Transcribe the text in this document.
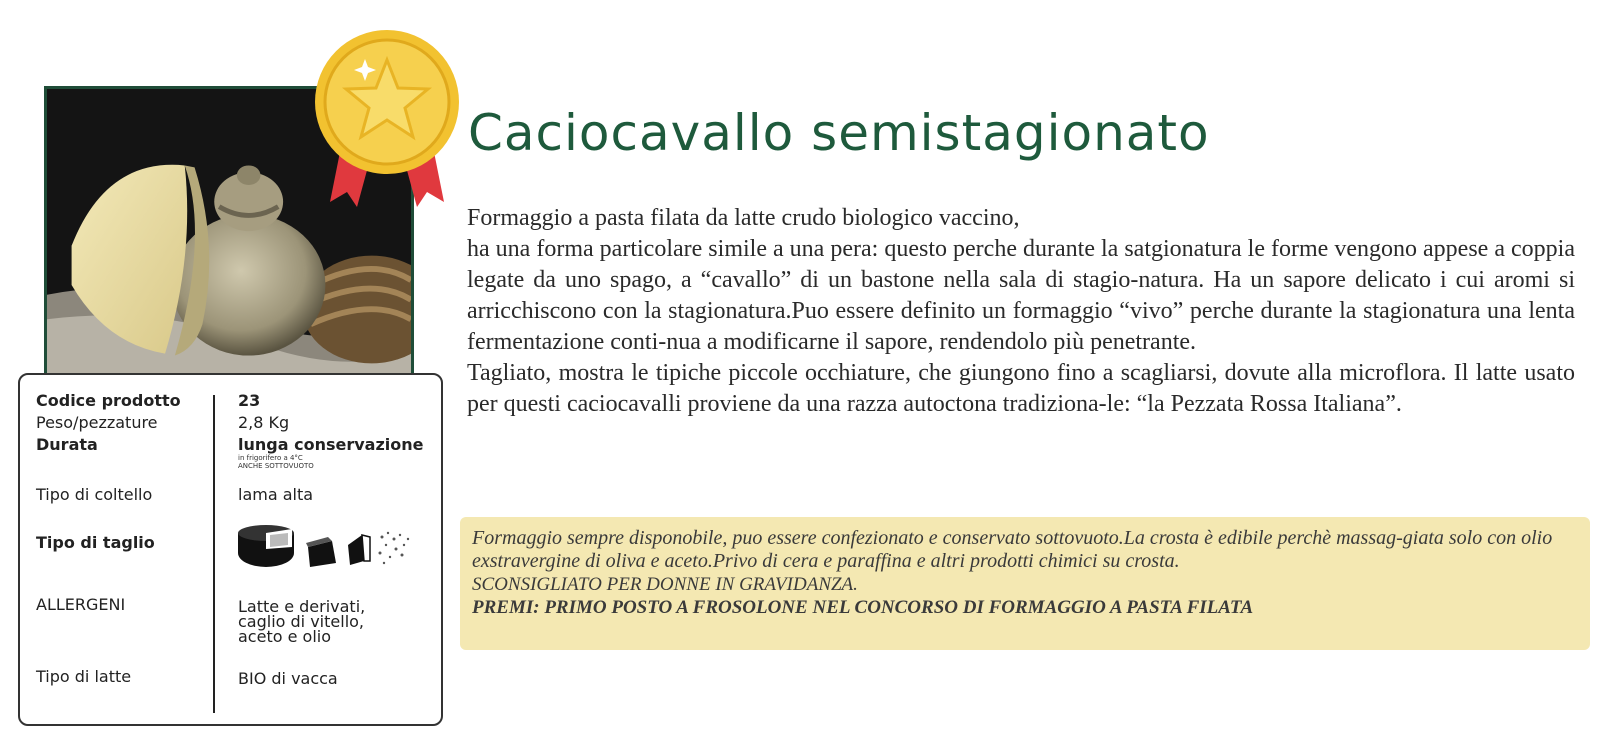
Caciocavallo semistagionato

Formaggio a pasta filata da latte crudo biologico vaccino,

ha una forma particolare simile a una pera: questo perche durante la satgionatura le forme vengono appese a coppia legate da uno spago, a “cavallo” di un bastone nella sala di stagio-natura. Ha un sapore delicato i cui aromi si arricchiscono con la stagionatura.Puo essere definito un formaggio “vivo” perche durante la stagionatura una lenta fermentazione conti-nua a modificarne il sapore, rendendolo più penetrante.

Tagliato, mostra le tipiche piccole occhiature, che giungono fino a scagliarsi, dovute alla microflora. Il latte usato per questi caciocavalli proviene da una razza autoctona tradiziona-le: “la Pezzata Rossa Italiana”.

Formaggio sempre disponobile, puo essere confezionato e conservato sottovuoto.La crosta è edibile perchè massag-giata solo con olio exstravergine di oliva e aceto.Privo di cera e paraffina e altri prodotti chimici su crosta.

SCONSIGLIATO PER DONNE IN GRAVIDANZA.

PREMI: PRIMO POSTO A FROSOLONE NEL CONCORSO DI FORMAGGIO A PASTA FILATA

Codice prodotto	23
Peso/pezzature	2,8 Kg
Durata	lunga conservazione
in frigorifero a 4°C
ANCHE SOTTOVUOTO
Tipo di coltello	lama alta
Tipo di taglio
ALLERGENI	Latte e derivati, caglio di vitello, aceto e olio
Tipo di latte	BIO di vacca
